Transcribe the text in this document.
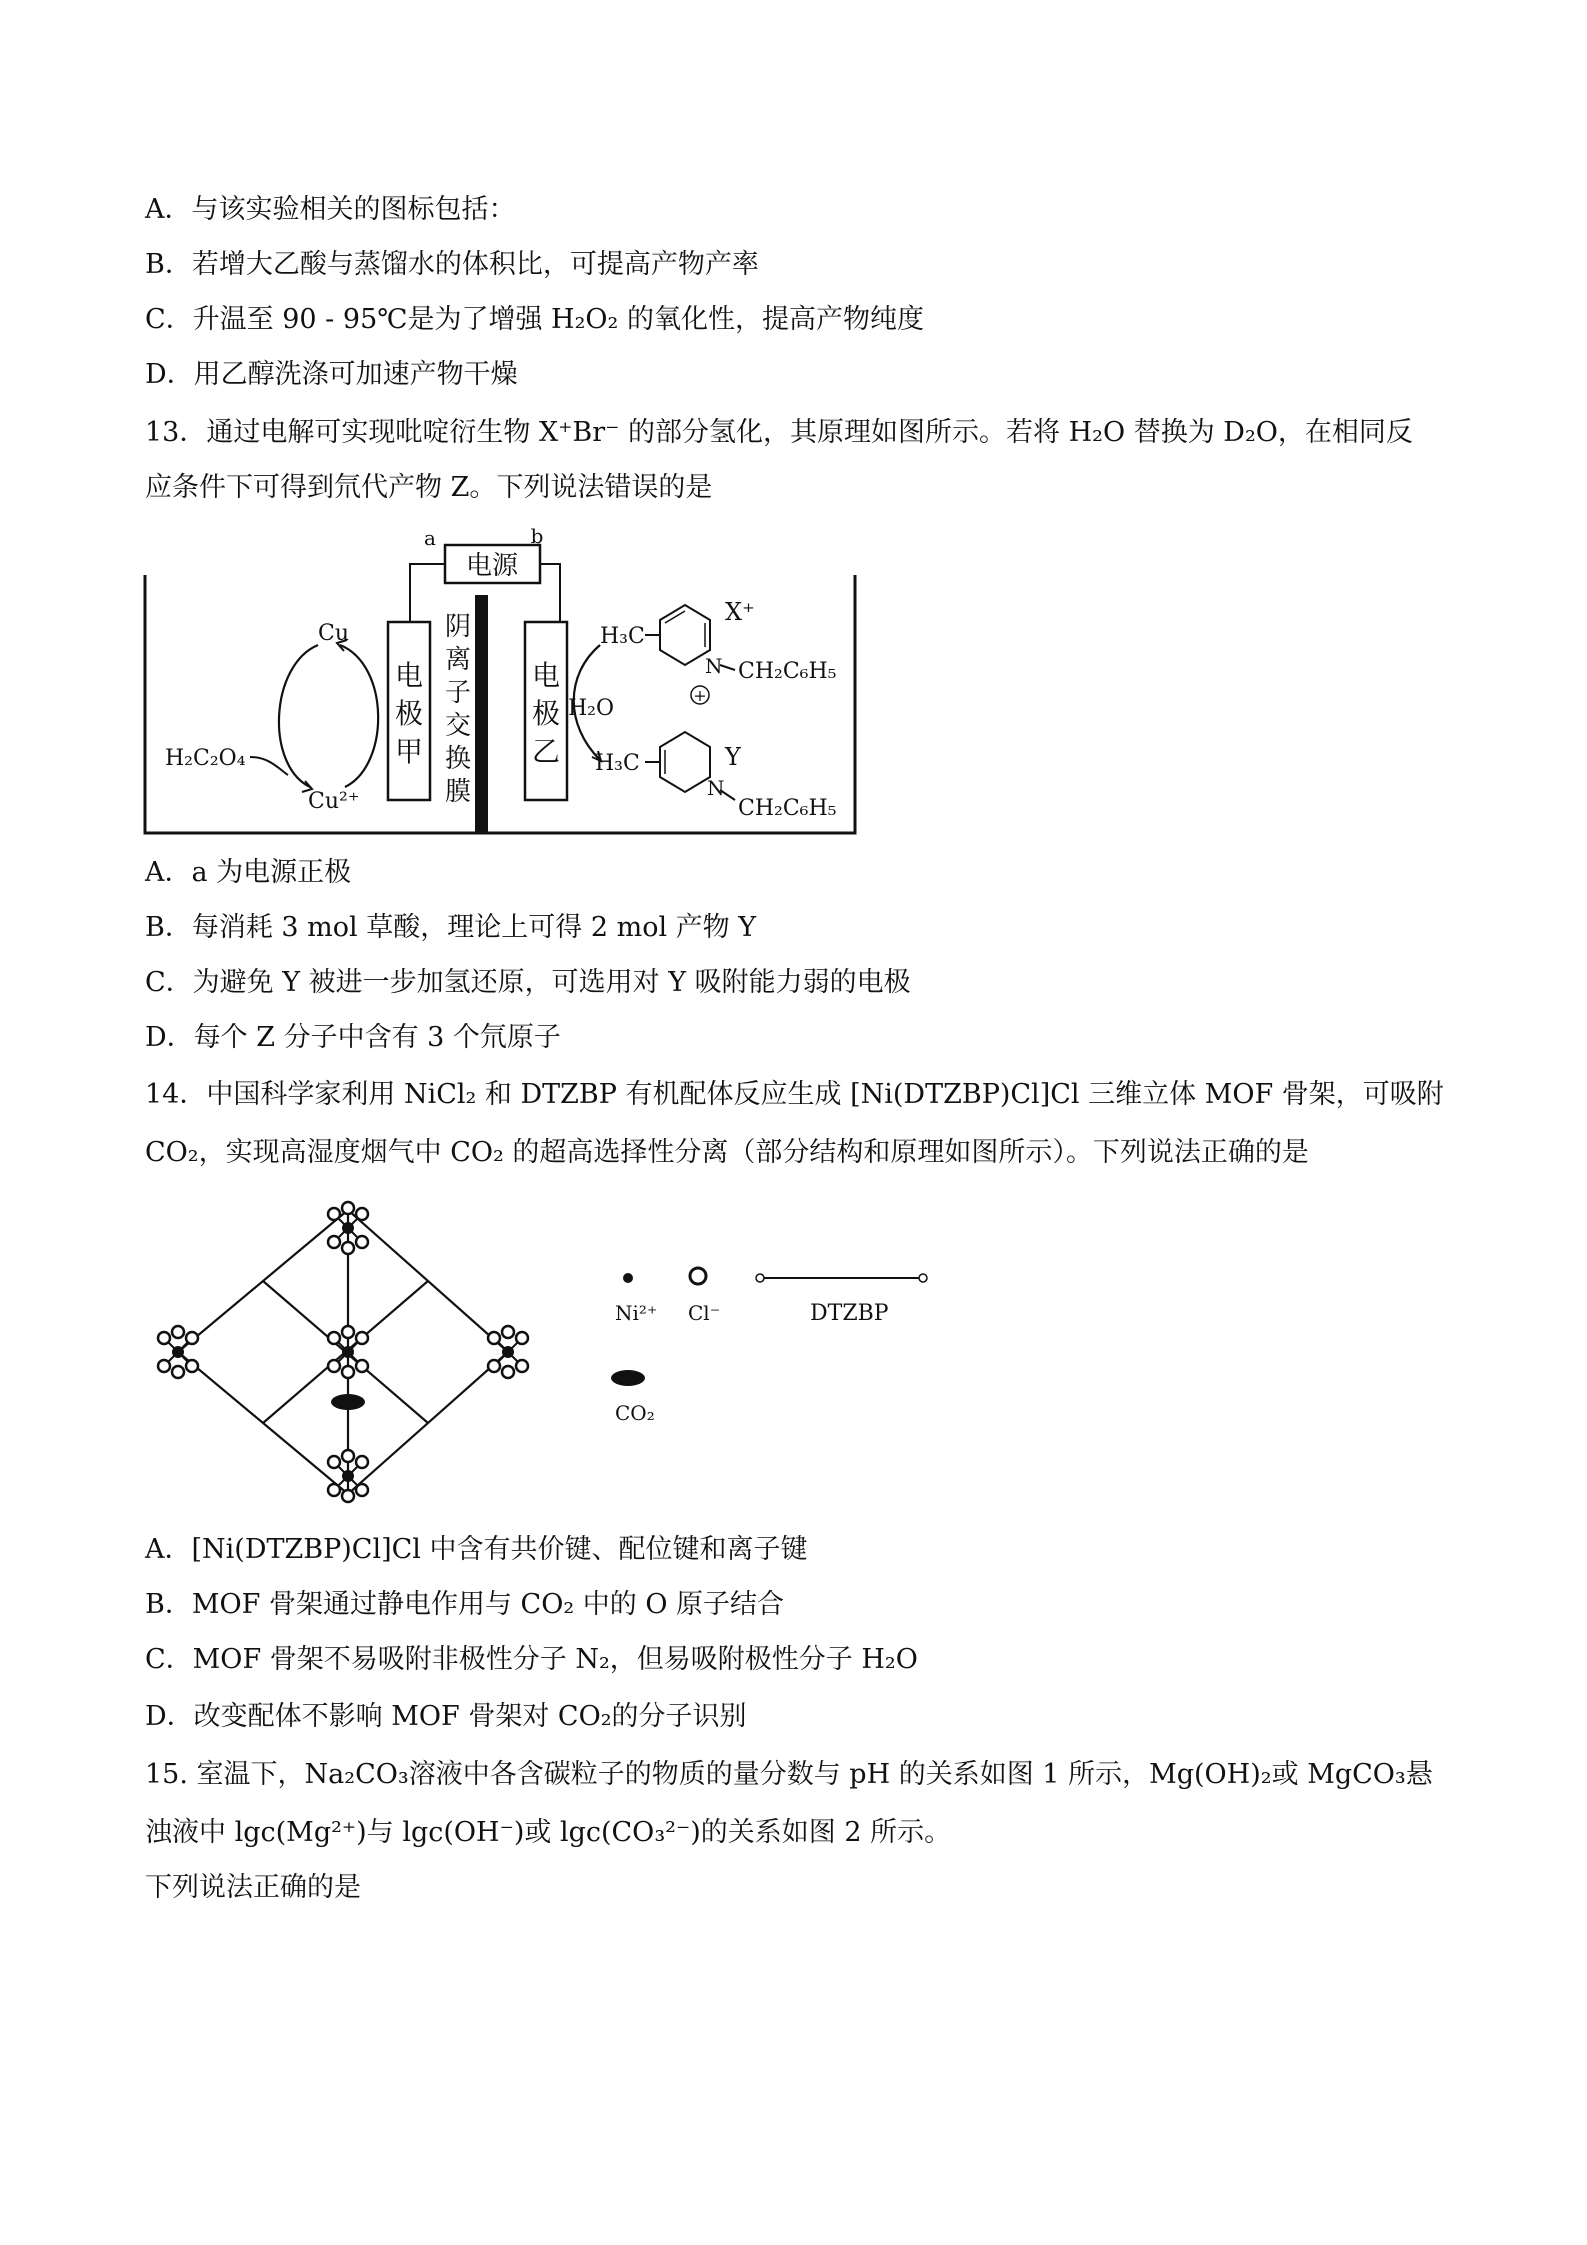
A．与该实验相关的图标包括：
B．若增大乙酸与蒸馏水的体积比，可提高产物产率
C．升温至 90 - 95℃是为了增强 H₂O₂ 的氧化性，提高产物纯度
D．用乙醇洗涤可加速产物干燥
13．通过电解可实现吡啶衍生物 X⁺Br⁻ 的部分氢化，其原理如图所示。若将 H₂O 替换为 D₂O，在相同反
应条件下可得到氘代产物 Z。下列说法错误的是
电源
a	b
电
极
甲
电
极
乙
阴
离
子
交
换
膜
Cu
Cu²⁺
H₂C₂O₄
H₂O
H₃C
N
+
CH₂C₆H₅
X⁺
H₃C
N
CH₂C₆H₅
Y
A．a 为电源正极
B．每消耗 3 mol 草酸，理论上可得 2 mol 产物 Y
C．为避免 Y 被进一步加氢还原，可选用对 Y 吸附能力弱的电极
D．每个 Z 分子中含有 3 个氘原子
14．中国科学家利用 NiCl₂ 和 DTZBP 有机配体反应生成 [Ni(DTZBP)Cl]Cl 三维立体 MOF 骨架，可吸附
CO₂，实现高湿度烟气中 CO₂ 的超高选择性分离（部分结构和原理如图所示）。下列说法正确的是
Ni²⁺ Cl⁻	DTZBP
CO₂
A．[Ni(DTZBP)Cl]Cl 中含有共价键、配位键和离子键
B．MOF 骨架通过静电作用与 CO₂ 中的 O 原子结合
C．MOF 骨架不易吸附非极性分子 N₂，但易吸附极性分子 H₂O
D．改变配体不影响 MOF 骨架对 CO₂的分子识别
15. 室温下，Na₂CO₃溶液中各含碳粒子的物质的量分数与 pH 的关系如图 1 所示，Mg(OH)₂或 MgCO₃悬
浊液中 lgc(Mg²⁺)与 lgc(OH⁻)或 lgc(CO₃²⁻)的关系如图 2 所示。
下列说法正确的是
